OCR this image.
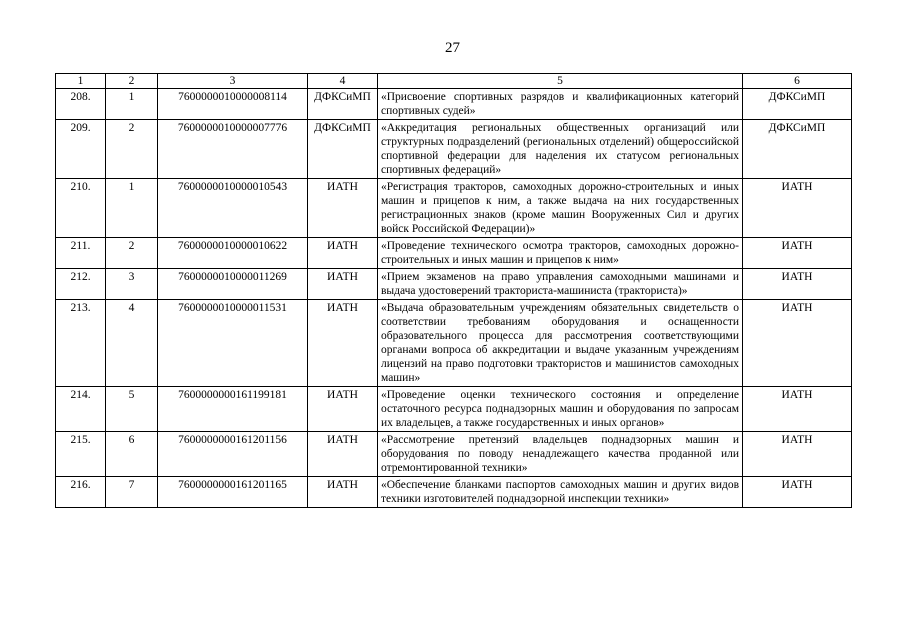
27
1	2	3	4	5	6
208.	1	7600000010000008114	ДФКСиМП	«Присвоение спортивных разрядов и квалификационных категорий спортивных судей»	ДФКСиМП
209.	2	7600000010000007776	ДФКСиМП	«Аккредитация региональных общественных организаций или структурных подразделений (региональных отделений) общероссийской спортивной федерации для наделения их статусом региональных спортивных федераций»	ДФКСиМП
210.	1	7600000010000010543	ИАТН	«Регистрация тракторов, самоходных дорожно-строительных и иных машин и прицепов к ним, а также выдача на них государственных регистрационных знаков (кроме машин Вооруженных Сил и других войск Российской Федерации)»	ИАТН
211.	2	7600000010000010622	ИАТН	«Проведение технического осмотра тракторов, самоходных дорожно-строительных и иных машин и прицепов к ним»	ИАТН
212.	3	7600000010000011269	ИАТН	«Прием экзаменов на право управления самоходными машинами и выдача удостоверений тракториста-машиниста (тракториста)»	ИАТН
213.	4	7600000010000011531	ИАТН	«Выдача образовательным учреждениям обязательных свидетельств о соответствии требованиям оборудования и оснащенности образовательного процесса для рассмотрения соответствующими органами вопроса об аккредитации и выдаче указанным учреждениям лицензий на право подготовки трактористов и машинистов самоходных машин»	ИАТН
214.	5	7600000000161199181	ИАТН	«Проведение оценки технического состояния и определение остаточного ресурса поднадзорных машин и оборудования по запросам их владельцев, а также государственных и иных органов»	ИАТН
215.	6	7600000000161201156	ИАТН	«Рассмотрение претензий владельцев поднадзорных машин и оборудования по поводу ненадлежащего качества проданной или отремонтированной техники»	ИАТН
216.	7	7600000000161201165	ИАТН	«Обеспечение бланками паспортов самоходных машин и других видов техники изготовителей поднадзорной инспекции техники»	ИАТН
